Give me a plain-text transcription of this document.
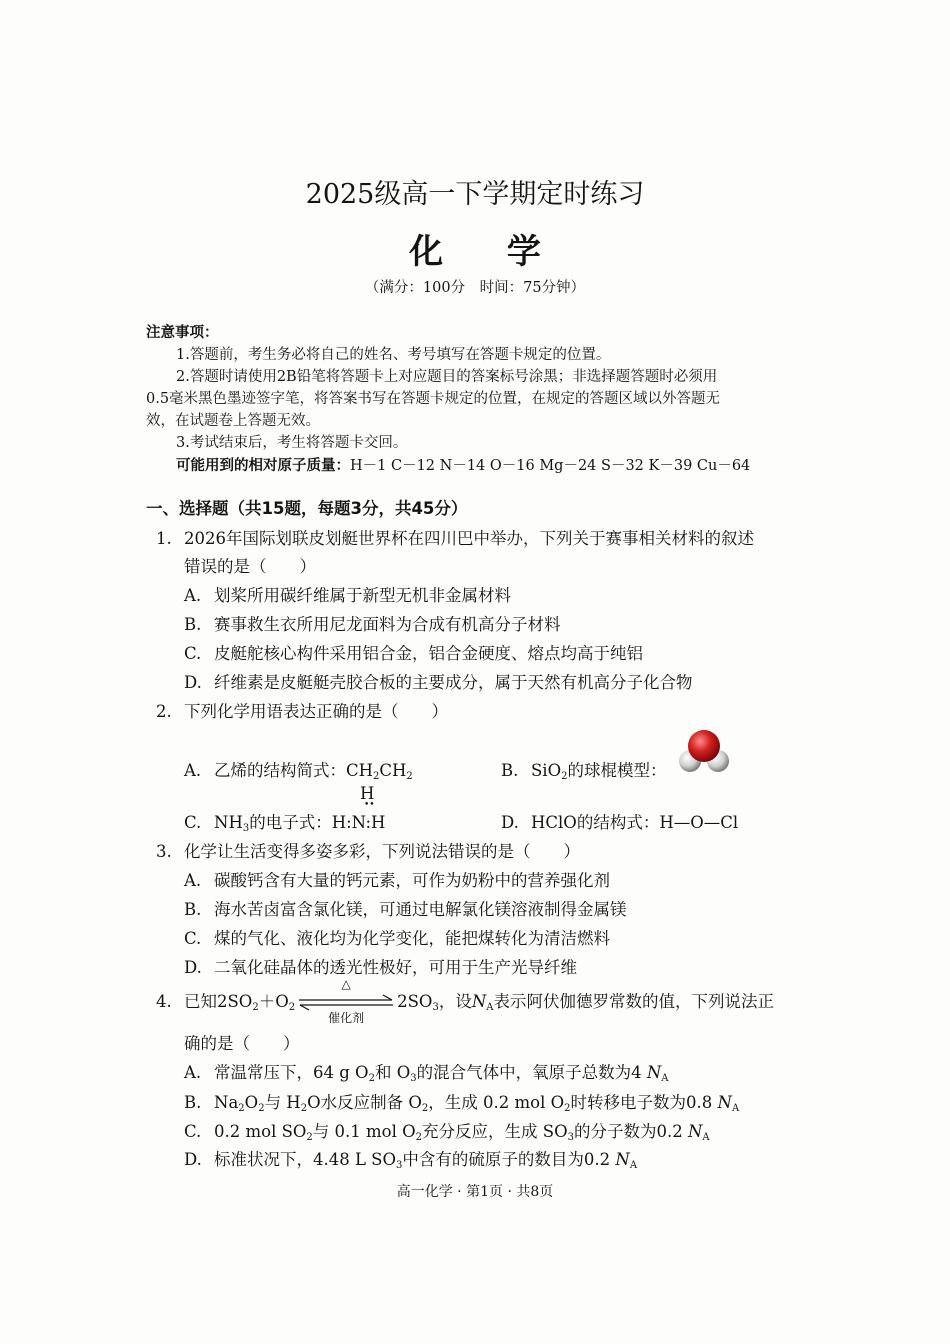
2025级高一下学期定时练习
化 学
（满分：100分　时间：75分钟）
注意事项：
1.答题前，考生务必将自己的姓名、考号填写在答题卡规定的位置。
2.答题时请使用2B铅笔将答题卡上对应题目的答案标号涂黑；非选择题答题时必须用
0.5毫米黑色墨迹签字笔，将答案书写在答题卡规定的位置，在规定的答题区域以外答题无
效，在试题卷上答题无效。
3.考试结束后，考生将答题卡交回。
可能用到的相对原子质量：H－1 C－12 N－14 O－16 Mg－24 S－32 K－39 Cu－64
一、选择题（共15题，每题3分，共45分）
1. 2026年国际划联皮划艇世界杯在四川巴中举办，下列关于赛事相关材料的叙述
错误的是（　　）
A. 划桨所用碳纤维属于新型无机非金属材料
B. 赛事救生衣所用尼龙面料为合成有机高分子材料
C. 皮艇舵核心构件采用铝合金，铝合金硬度、熔点均高于纯铝
D. 纤维素是皮艇艇壳胶合板的主要成分，属于天然有机高分子化合物
2. 下列化学用语表达正确的是（　　）
A. 乙烯的结构简式：$CH_2CH_2$	B. SiO$_2$的球棍模型：
H
••
C. $NH_3$的电子式：H:N:H	D. HClO的结构式：H—O—Cl
3. 化学让生活变得多姿多彩，下列说法错误的是（　　）
A. 碳酸钙含有大量的钙元素，可作为奶粉中的营养强化剂
B. 海水苦卤富含氯化镁，可通过电解氯化镁溶液制得金属镁
C. 煤的气化、液化均为化学变化，能把煤转化为清洁燃料
D. 二氧化硅晶体的透光性极好，可用于生产光导纤维
4. 已知$2SO_2+O_2$
△
催化剂
$2SO_3$，设$N_A$表示阿伏伽德罗常数的值，下列说法正
确的是（　　）
A. 常温常压下，64 g $O_2$和 $O_3$的混合气体中，氧原子总数为4 $N_A$
B. $Na_2O_2$与 $H_2O$水反应制备 $O_2$，生成 0.2 mol $O_2$时转移电子数为0.8 $N_A$
C. 0.2 mol $SO_2$与 0.1 mol $O_2$充分反应，生成 $SO_3$的分子数为0.2 $N_A$
D. 标准状况下，4.48 L $SO_3$中含有的硫原子的数目为0.2 $N_A$
高一化学 · 第1页 · 共8页
